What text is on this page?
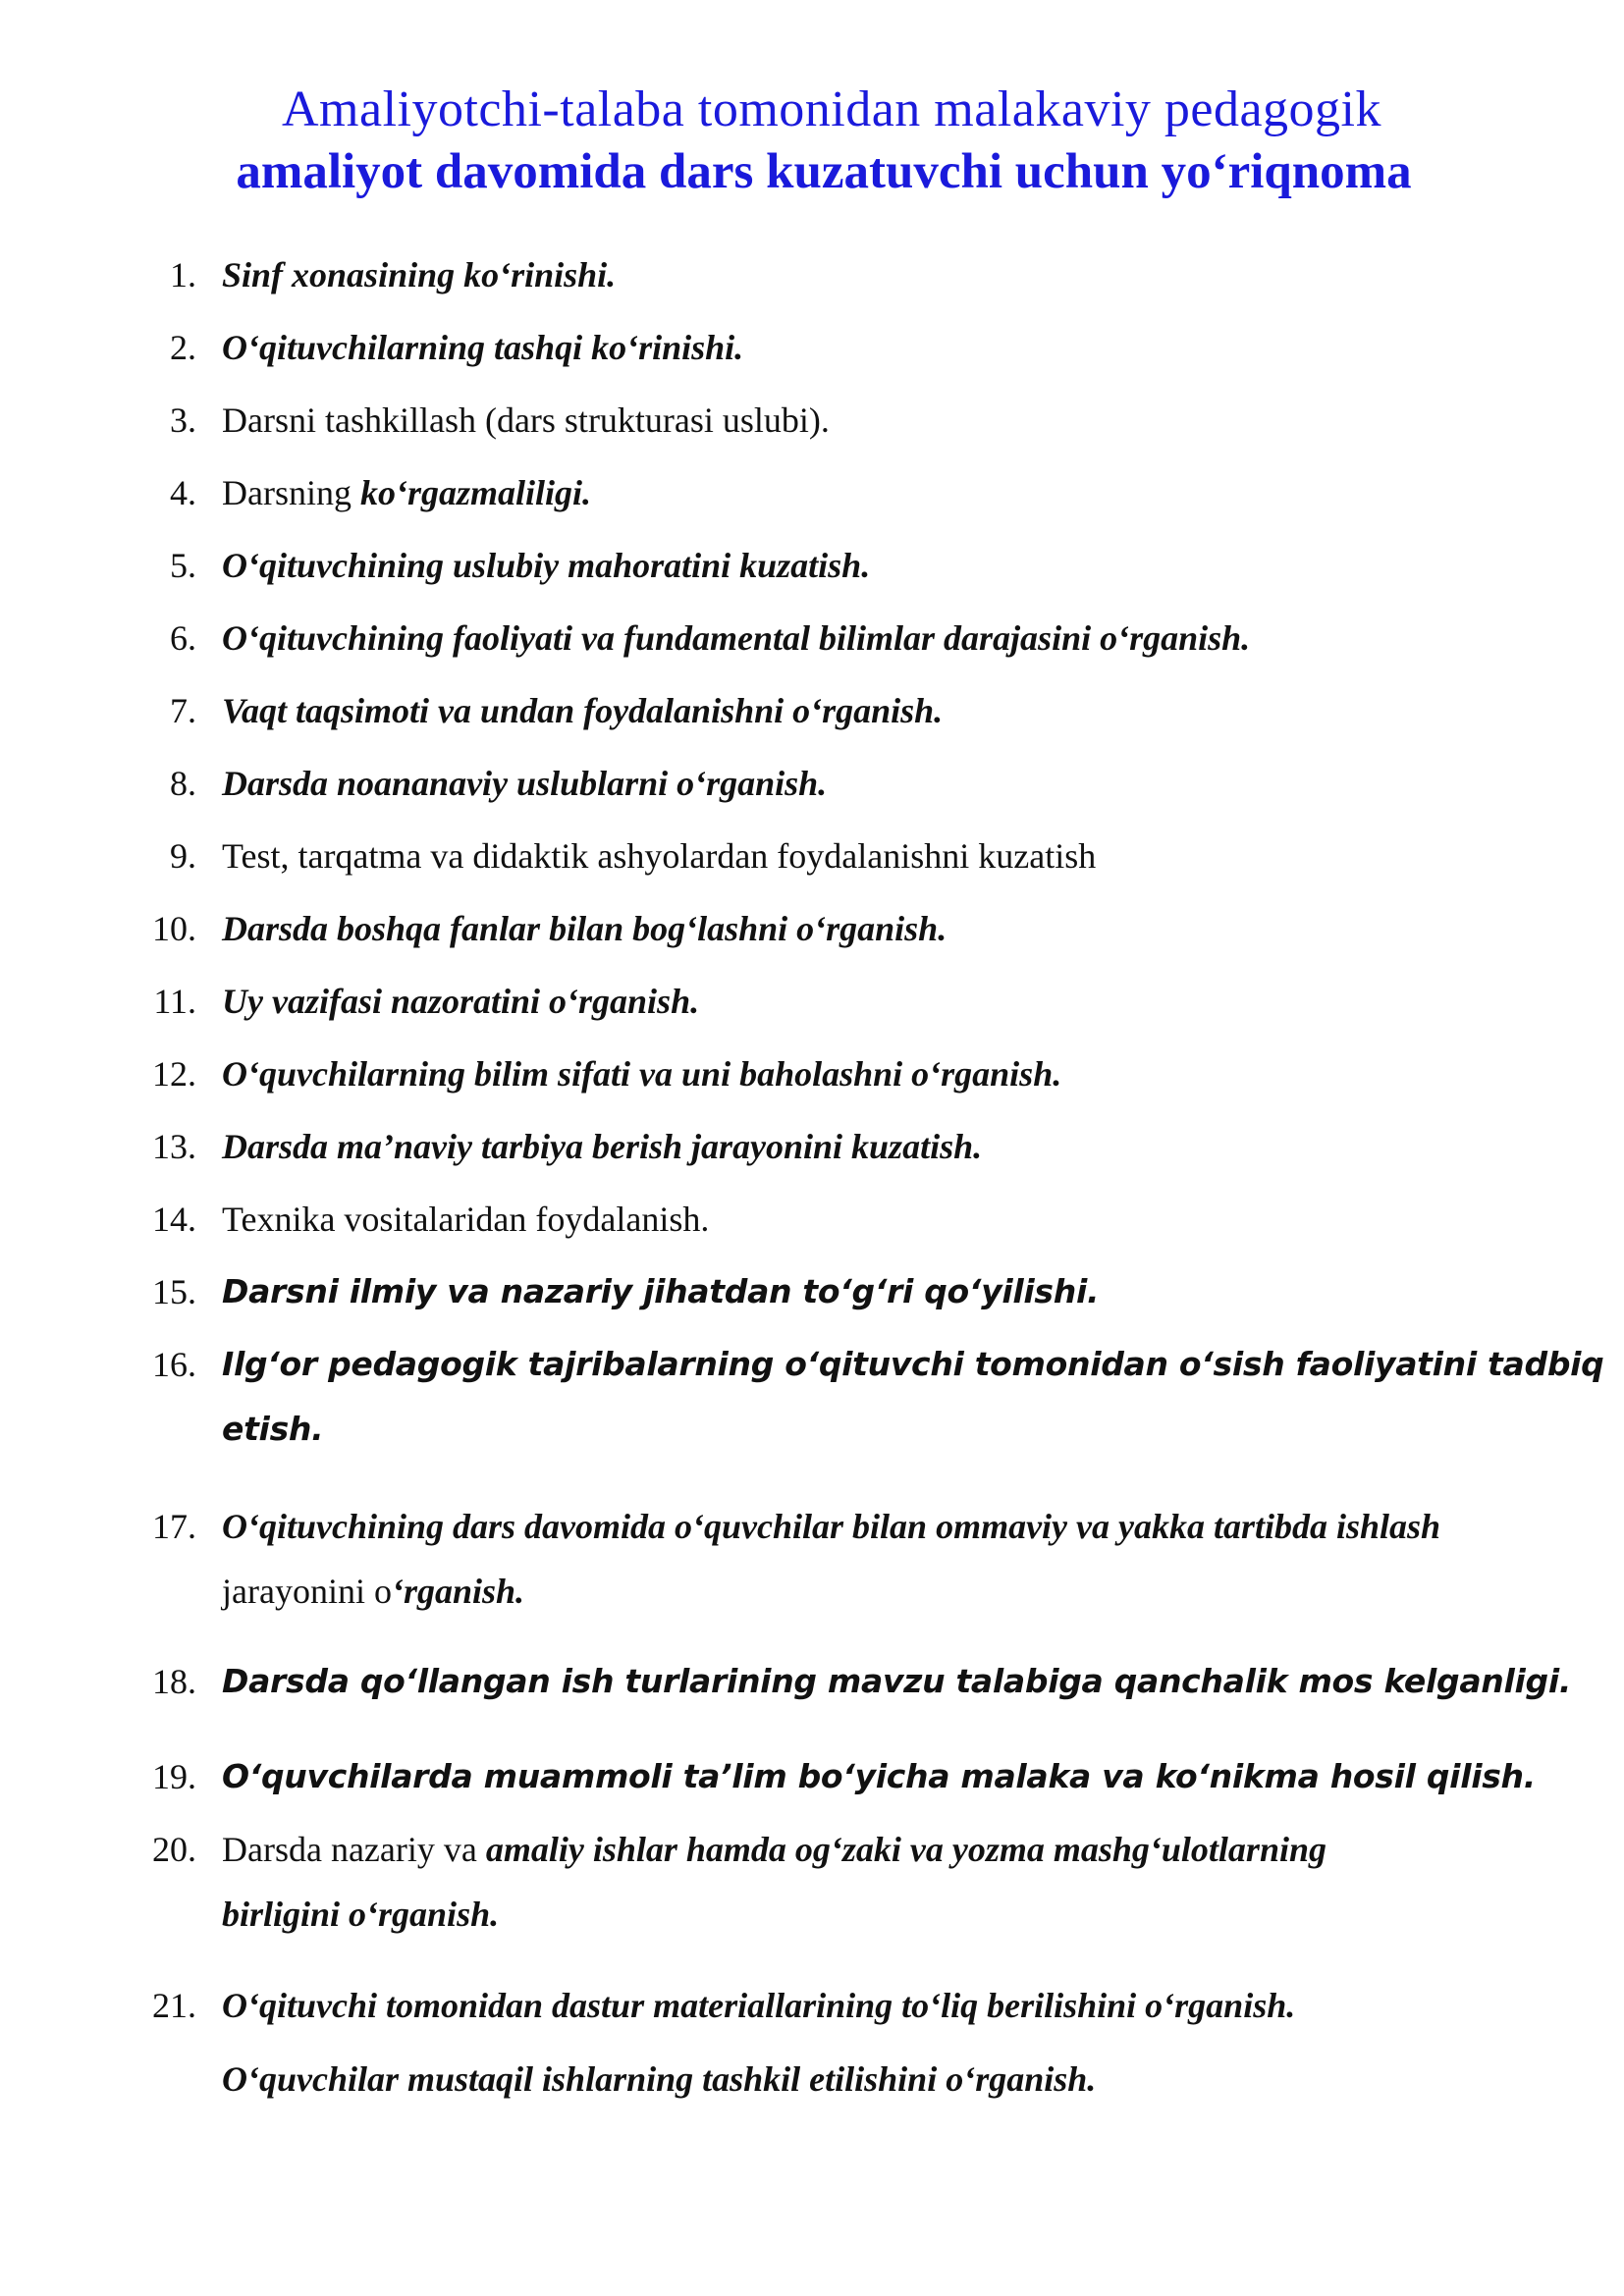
Amaliyotchi-talaba tomonidan malakaviy pedagogik
amaliyot davomida dars kuzatuvchi uchun yo‘riqnoma
1. Sinf xonasining ko‘rinishi.
2. O‘qituvchilarning tashqi ko‘rinishi.
3. Darsni tashkillash (dars strukturasi uslubi).
4. Darsning ko‘rgazmaliligi.
5. O‘qituvchining uslubiy mahoratini kuzatish.
6. O‘qituvchining faoliyati va fundamental bilimlar darajasini o‘rganish.
7. Vaqt taqsimoti va undan foydalanishni o‘rganish.
8. Darsda noananaviy uslublarni o‘rganish.
9. Test, tarqatma va didaktik ashyolardan foydalanishni kuzatish
10. Darsda boshqa fanlar bilan bog‘lashni o‘rganish.
11. Uy vazifasi nazoratini o‘rganish.
12. O‘quvchilarning bilim sifati va uni baholashni o‘rganish.
13. Darsda ma’naviy tarbiya berish jarayonini kuzatish.
14. Texnika vositalaridan foydalanish.
15. Darsni ilmiy va nazariy jihatdan to‘g‘ri qo‘yilishi.
16. Ilg‘or pedagogik tajribalarning o‘qituvchi tomonidan o‘sish faoliyatini tadbiq
etish.
17. O‘qituvchining dars davomida o‘quvchilar bilan ommaviy va yakka tartibda ishlash
jarayonini o‘rganish.
18. Darsda qo‘llangan ish turlarining mavzu talabiga qanchalik mos kelganligi.
19. O‘quvchilarda muammoli ta’lim bo‘yicha malaka va ko‘nikma hosil qilish.
20. Darsda nazariy va amaliy ishlar hamda og‘zaki va yozma mashg‘ulotlarning
birligini o‘rganish.
21. O‘qituvchi tomonidan dastur materiallarining to‘liq berilishini o‘rganish.
O‘quvchilar mustaqil ishlarning tashkil etilishini o‘rganish.
